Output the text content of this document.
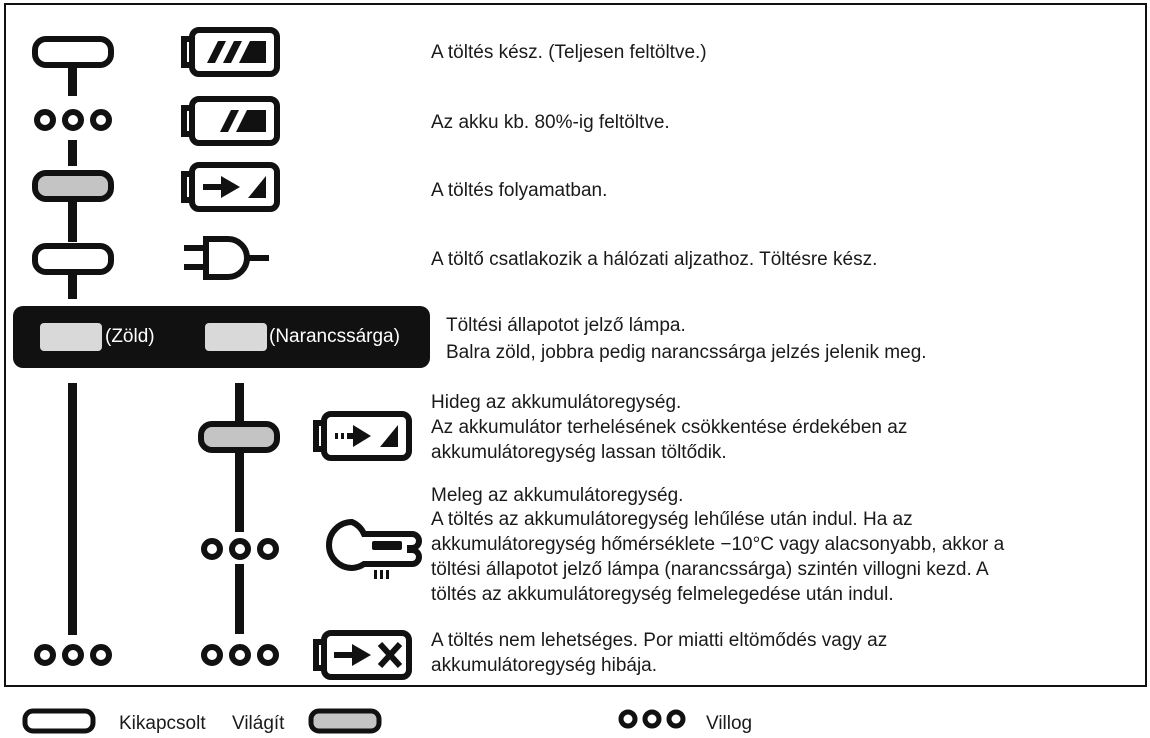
A töltés kész. (Teljesen feltöltve.)
Az akku kb. 80%-ig feltöltve.
A töltés folyamatban.
A töltő csatlakozik a hálózati aljzathoz. Töltésre kész.
(Zöld)	(Narancssárga)
Töltési állapotot jelző lámpa.
Balra zöld, jobbra pedig narancssárga jelzés jelenik meg.
Hideg az akkumulátoregység.
Az akkumulátor terhelésének csökkentése érdekében az
akkumulátoregység lassan töltődik.
Meleg az akkumulátoregység.
A töltés az akkumulátoregység lehűlése után indul. Ha az
akkumulátoregység hőmérséklete −10°C vagy alacsonyabb, akkor a
töltési állapotot jelző lámpa (narancssárga) szintén villogni kezd. A
töltés az akkumulátoregység felmelegedése után indul.
A töltés nem lehetséges. Por miatti eltömődés vagy az
akkumulátoregység hibája.
Kikapcsolt Világít	Villog
